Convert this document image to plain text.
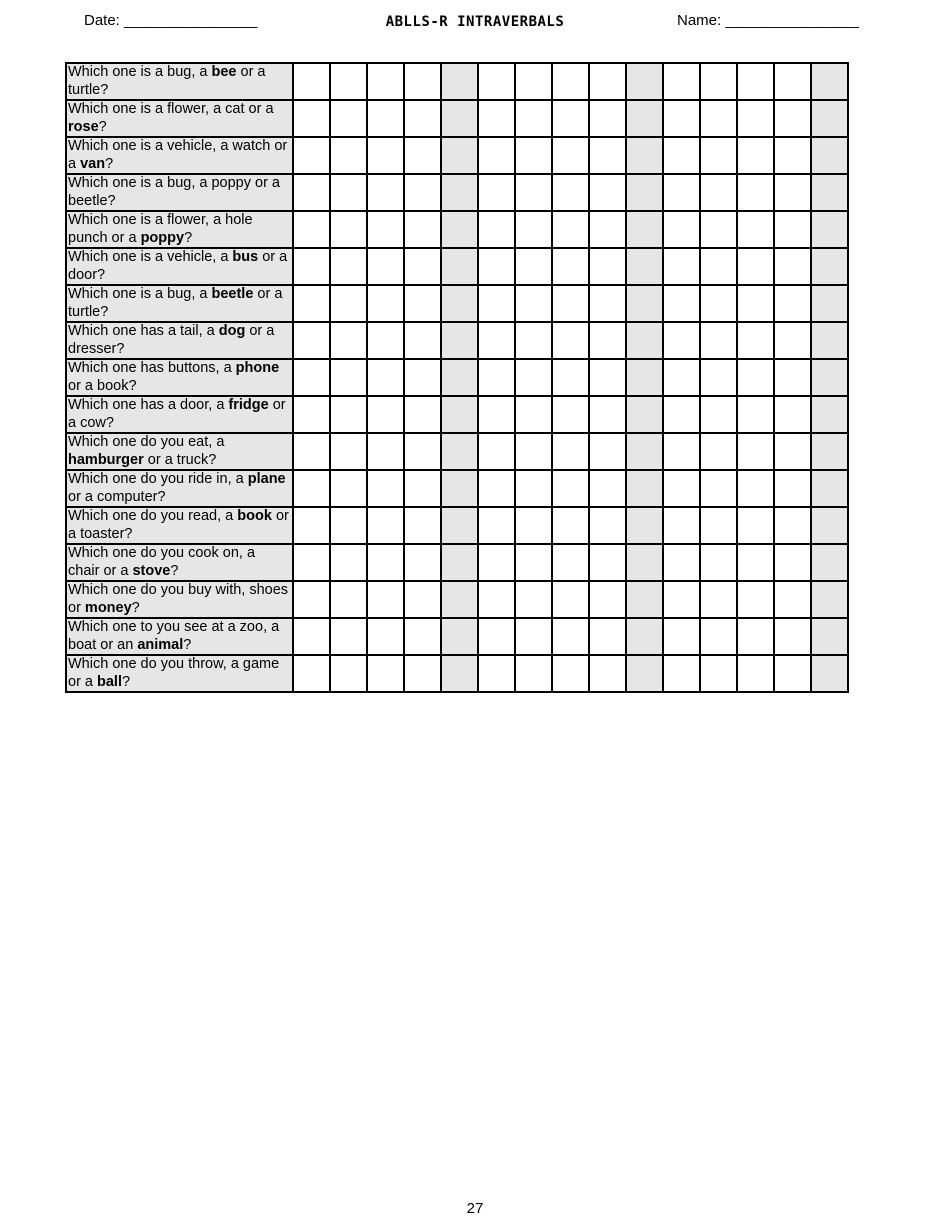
Date: ________________	ABLLS-R INTRAVERBALS	Name: ________________
Which one is a bug, a bee or a turtle?															
Which one is a flower, a cat or a rose?															
Which one is a vehicle, a watch or a van?															
Which one is a bug, a poppy or a beetle?															
Which one is a flower, a hole punch or a poppy?															
Which one is a vehicle, a bus or a door?															
Which one is a bug, a beetle or a turtle?															
Which one has a tail, a dog or a dresser?															
Which one has buttons, a phone or a book?															
Which one has a door, a fridge or a cow?															
Which one do you eat, a hamburger or a truck?															
Which one do you ride in, a plane or a computer?															
Which one do you read, a book or a toaster?															
Which one do you cook on, a chair or a stove?															
Which one do you buy with, shoes or money?															
Which one to you see at a zoo, a boat or an animal?															
Which one do you throw, a game or a ball?															
27
